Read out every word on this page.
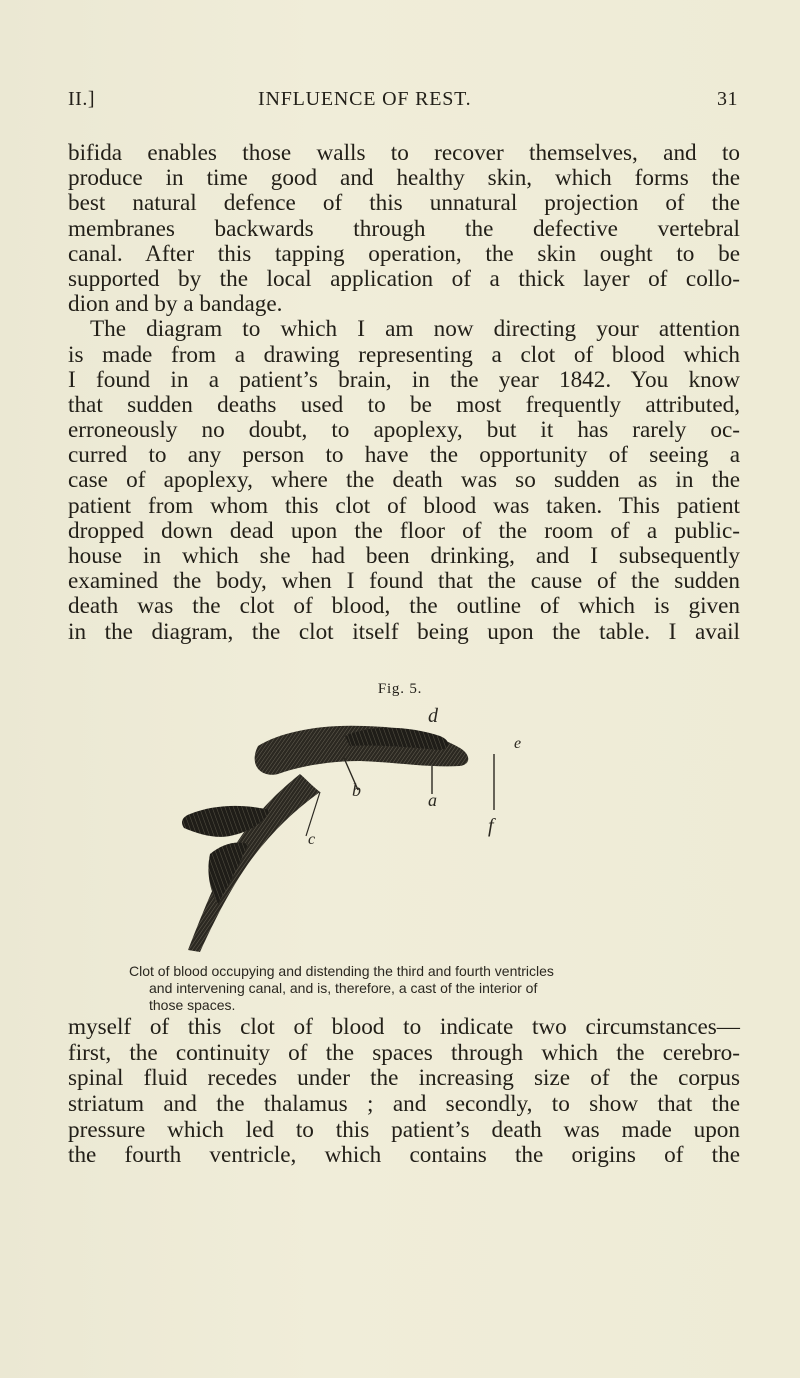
II.]	INFLUENCE OF REST.	31
bifida enables those walls to recover themselves, and to
produce in time good and healthy skin, which forms the
best natural defence of this unnatural projection of the
membranes backwards through the defective vertebral
canal. After this tapping operation, the skin ought to be
supported by the local application of a thick layer of collo-
dion and by a bandage.
The diagram to which I am now directing your attention
is made from a drawing representing a clot of blood which
I found in a patient’s brain, in the year 1842. You know
that sudden deaths used to be most frequently attributed,
erroneously no doubt, to apoplexy, but it has rarely oc-
curred to any person to have the opportunity of seeing a
case of apoplexy, where the death was so sudden as in the
patient from whom this clot of blood was taken. This patient
dropped down dead upon the floor of the room of a public-
house in which she had been drinking, and I subsequently
examined the body, when I found that the cause of the sudden
death was the clot of blood, the outline of which is given
in the diagram, the clot itself being upon the table. I avail
Fig. 5.
d
e
b	a
f
c
Clot of blood occupying and distending the third and fourth ventricles
and intervening canal, and is, therefore, a cast of the interior of
those spaces.
myself of this clot of blood to indicate two circumstances—
first, the continuity of the spaces through which the cerebro-
spinal fluid recedes under the increasing size of the corpus
striatum and the thalamus ; and secondly, to show that the
pressure which led to this patient’s death was made upon
the fourth ventricle, which contains the origins of the
